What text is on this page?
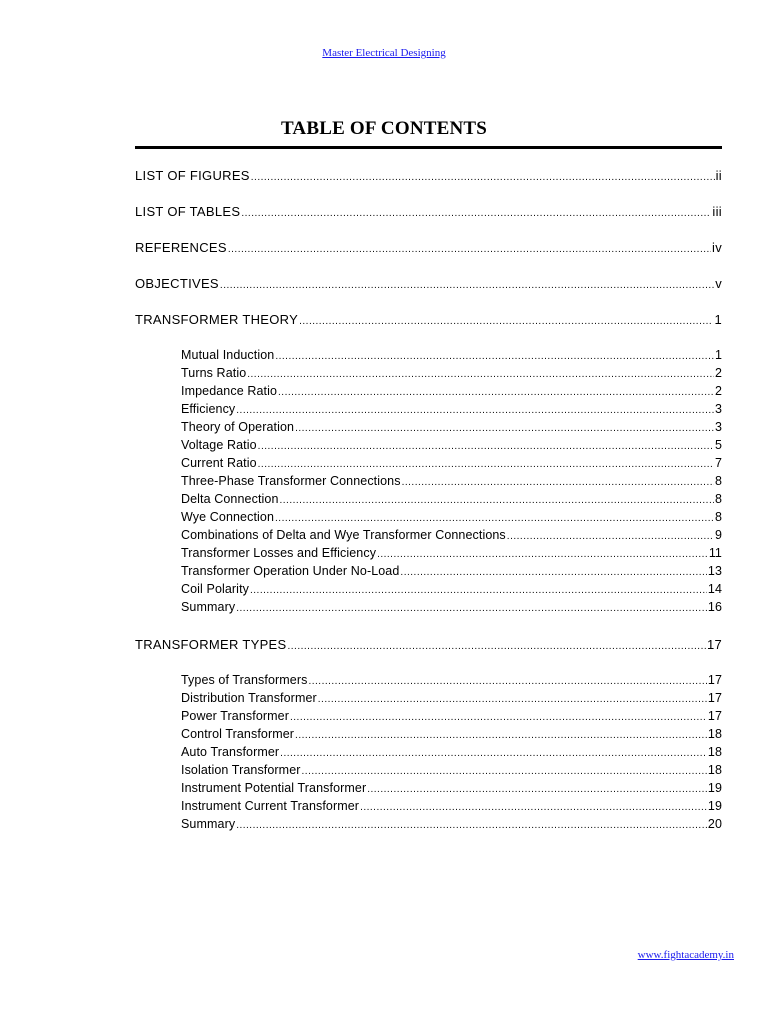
Master Electrical Designing
TABLE OF CONTENTS
LIST OF FIGURES .....	ii
LIST OF TABLES .....	iii
REFERENCES .....	iv
OBJECTIVES .....	v
TRANSFORMER THEORY .....	1
Mutual Induction .....	1
Turns Ratio .....	2
Impedance Ratio .....	2
Efficiency .....	3
Theory of Operation .....	3
Voltage Ratio .....	5
Current Ratio .....	7
Three-Phase Transformer Connections .....	8
Delta Connection .....	8
Wye Connection .....	8
Combinations of Delta and Wye Transformer Connections .....	9
Transformer Losses and Efficiency .....	11
Transformer Operation Under No-Load .....	13
Coil Polarity .....	14
Summary .....	16
TRANSFORMER TYPES .....	17
Types of Transformers .....	17
Distribution Transformer .....	17
Power Transformer .....	17
Control Transformer .....	18
Auto Transformer .....	18
Isolation Transformer .....	18
Instrument Potential Transformer .....	19
Instrument Current Transformer .....	19
Summary .....	20
www.fightacademy.in
